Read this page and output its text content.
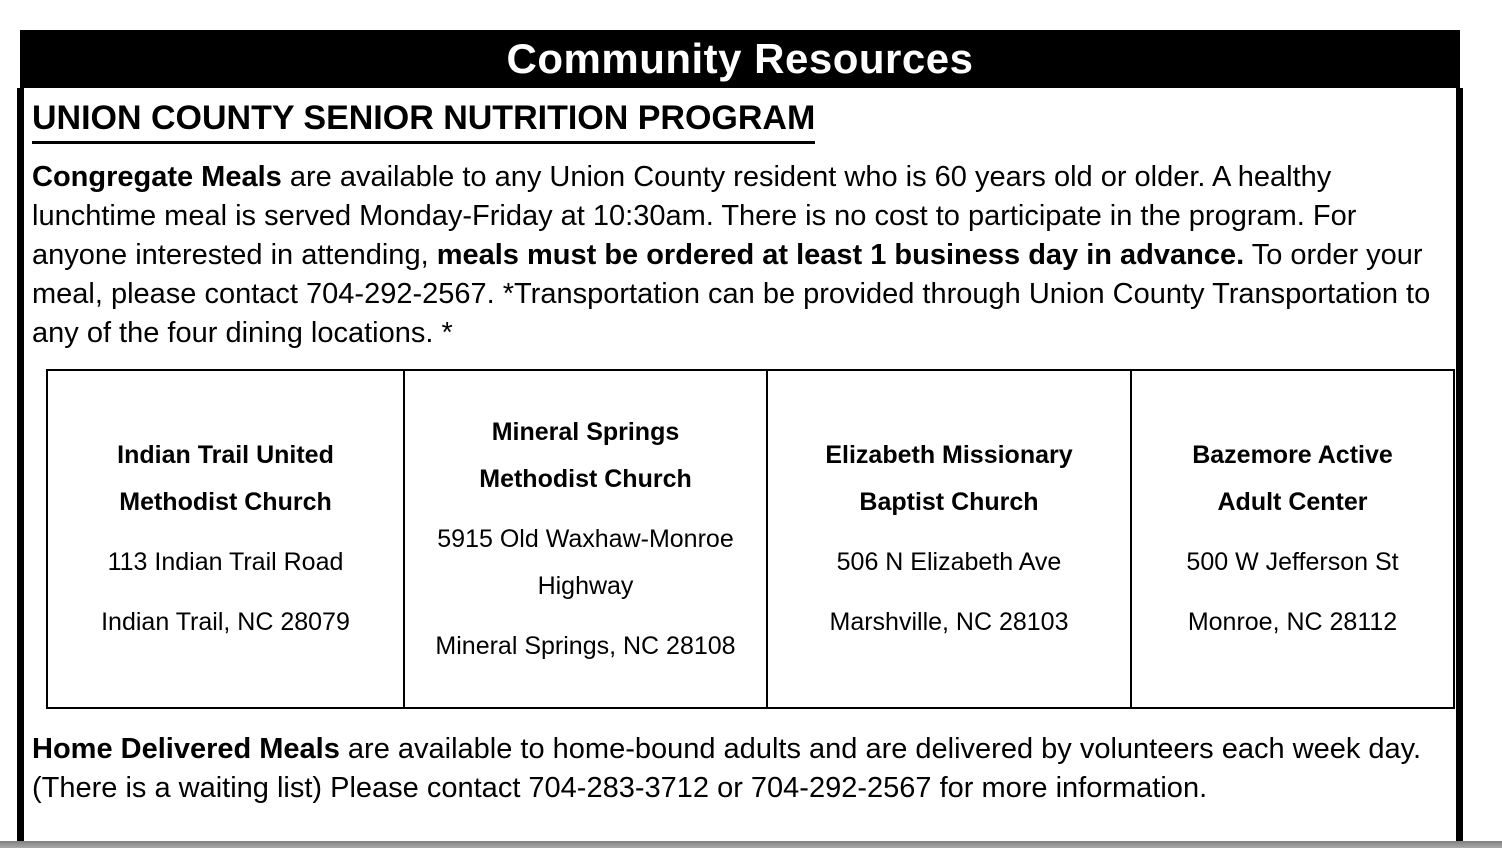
Community Resources
UNION COUNTY SENIOR NUTRITION PROGRAM

Congregate Meals are available to any Union County resident who is 60 years old or older. A healthy lunchtime meal is served Monday-Friday at 10:30am. There is no cost to participate in the program. For anyone interested in attending, meals must be ordered at least 1 business day in advance. To order your meal, please contact 704-292-2567. *Transportation can be provided through Union County Transportation to any of the four dining locations. *

Indian Trail United
Methodist Church

113 Indian Trail Road

Indian Trail, NC 28079

Mineral Springs
Methodist Church

5915 Old Waxhaw-Monroe Highway

Mineral Springs, NC 28108

Elizabeth Missionary
Baptist Church

506 N Elizabeth Ave

Marshville, NC 28103

Bazemore Active
Adult Center

500 W Jefferson St

Monroe, NC 28112

Home Delivered Meals are available to home-bound adults and are delivered by volunteers each week day. (There is a waiting list) Please contact 704-283-3712 or 704-292-2567 for more information.
